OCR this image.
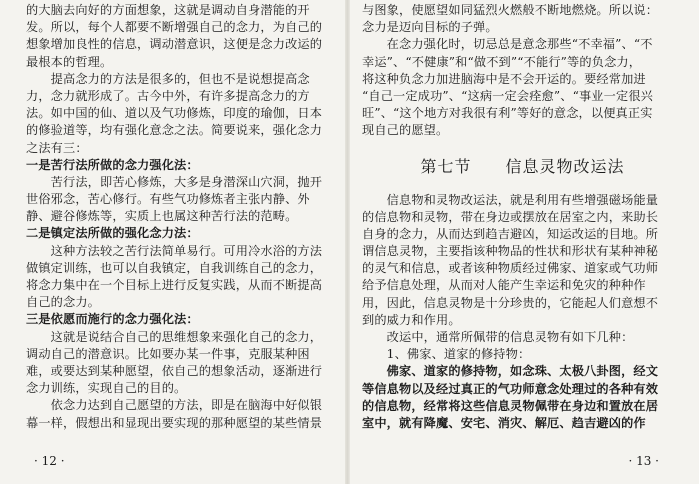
的大脑去向好的方面想象，这就是调动自身潜能的开
发。所以，每个人都要不断增强自己的念力，为自己的
想象增加良性的信息，调动潜意识，这便是念力改运的
最根本的哲理。
　　提高念力的方法是很多的，但也不是说想提高念
力，念力就形成了。古今中外，有许多提高念力的方
法。如中国的仙、道以及气功修炼，印度的瑜伽，日本
的修验道等，均有强化意念之法。简要说来，强化念力
之法有三：
一是苦行法所做的念力强化法：
　　苦行法，即苦心修炼，大多是身潜深山穴洞，抛开
世俗邪念，苦心修行。有些气功修炼者主张内静、外
静、避谷修炼等，实质上也属这种苦行法的范畴。
二是镇定法所做的强化念力法：
　　这种方法较之苦行法简单易行。可用冷水浴的方法
做镇定训练，也可以自我镇定，自我训练自己的念力，
将念力集中在一个目标上进行反复实践，从而不断提高
自己的念力。
三是依愿而施行的念力强化法：
　　这就是说结合自己的思维想象来强化自己的念力，
调动自己的潜意识。比如要办某一件事，克服某种困
难，或要达到某种愿望，依自己的想象活动，逐渐进行
念力训练，实现自己的目的。
　　依念力达到自己愿望的方法，即是在脑海中好似银
幕一样，假想出和显现出要实现的那种愿望的某些情景
· 12 ·
与图象，使愿望如同猛烈火燃般不断地燃烧。所以说：
念力是迈向目标的子弹。
　　在念力强化时，切忌总是意念那些“不幸福”、“不
幸运”、“不健康”和“做不到”“不能行”等的负念力，
将这种负念力加进脑海中是不会开运的。要经常加进
“自己一定成功”、“这病一定会痊愈”、“事业一定很兴
旺”、“这个地方对我很有利”等好的意念，以便真正实
现自己的愿望。
第七节 信息灵物改运法
　　信息物和灵物改运法，就是利用有些增强磁场能量
的信息物和灵物，带在身边或摆放在居室之内，来助长
自身的念力，从而达到趋吉避凶，知运改运的目地。所
谓信息灵物，主要指该种物品的性状和形状有某种神秘
的灵气和信息，或者该种物质经过佛家、道家或气功师
给予信息处理，从而对人能产生幸运和免灾的种种作
用，因此，信息灵物是十分珍贵的，它能起人们意想不
到的威力和作用。
　　改运中，通常所佩带的信息灵物有如下几种：
　　1、佛家、道家的修持物：
　　佛家、道家的修持物，如念珠、太极八卦图，经文
等信息物以及经过真正的气功师意念处理过的各种有效
的信息物，经常将这些信息灵物佩带在身边和置放在居
室中，就有降魔、安宅、消灾、解厄、趋吉避凶的作
· 13 ·
